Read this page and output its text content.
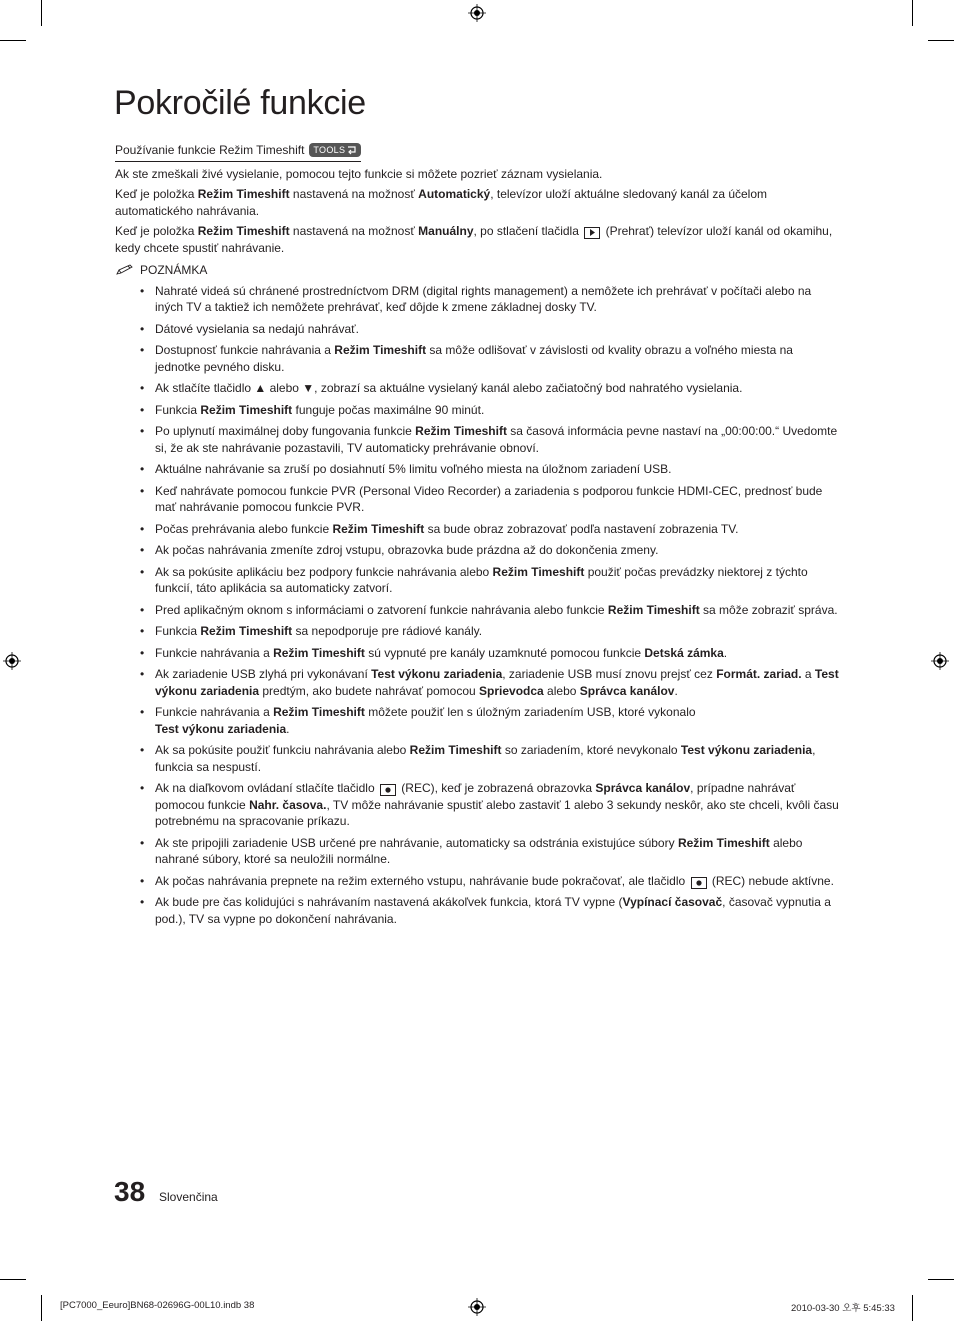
Pokročilé funkcie
Používanie funkcie Režim Timeshift TOOLS

Ak ste zmeškali živé vysielanie, pomocou tejto funkcie si môžete pozrieť záznam vysielania.

Keď je položka Režim Timeshift nastavená na možnosť Automatický, televízor uloží aktuálne sledovaný kanál za účelom automatického nahrávania.

Keď je položka Režim Timeshift nastavená na možnosť Manuálny, po stlačení tlačidla
(Prehrať) televízor uloží kanál od okamihu, kedy chcete spustiť nahrávanie.

POZNÁMKA
• Nahraté videá sú chránené prostredníctvom DRM (digital rights management) a nemôžete ich prehrávať v počítači alebo na iných TV a taktiež ich nemôžete prehrávať, keď dôjde k zmene základnej dosky TV.
• Dátové vysielania sa nedajú nahrávať.
• Dostupnosť funkcie nahrávania a Režim Timeshift sa môže odlišovať v závislosti od kvality obrazu a voľného miesta na jednotke pevného disku.
• Ak stlačíte tlačidlo ▲ alebo ▼, zobrazí sa aktuálne vysielaný kanál alebo začiatočný bod nahratého vysielania.
• Funkcia Režim Timeshift funguje počas maximálne 90 minút.
• Po uplynutí maximálnej doby fungovania funkcie Režim Timeshift sa časová informácia pevne nastaví na „00:00:00.“ Uvedomte si, že ak ste nahrávanie pozastavili, TV automaticky prehrávanie obnoví.
• Aktuálne nahrávanie sa zruší po dosiahnutí 5% limitu voľného miesta na úložnom zariadení USB.
• Keď nahrávate pomocou funkcie PVR (Personal Video Recorder) a zariadenia s podporou funkcie HDMI-CEC, prednosť bude mať nahrávanie pomocou funkcie PVR.
• Počas prehrávania alebo funkcie Režim Timeshift sa bude obraz zobrazovať podľa nastavení zobrazenia TV.
• Ak počas nahrávania zmeníte zdroj vstupu, obrazovka bude prázdna až do dokončenia zmeny.
• Ak sa pokúsite aplikáciu bez podpory funkcie nahrávania alebo Režim Timeshift použiť počas prevádzky niektorej z týchto funkcií, táto aplikácia sa automaticky zatvorí.
• Pred aplikačným oknom s informáciami o zatvorení funkcie nahrávania alebo funkcie Režim Timeshift sa môže zobraziť správa.
• Funkcia Režim Timeshift sa nepodporuje pre rádiové kanály.
• Funkcie nahrávania a Režim Timeshift sú vypnuté pre kanály uzamknuté pomocou funkcie Detská zámka.
• Ak zariadenie USB zlyhá pri vykonávaní Test výkonu zariadenia, zariadenie USB musí znovu prejsť cez Formát. zariad. a Test výkonu zariadenia predtým, ako budete nahrávať pomocou Sprievodca alebo Správca kanálov.
• Funkcie nahrávania a Režim Timeshift môžete použiť len s úložným zariadením USB, ktoré vykonalo
Test výkonu zariadenia.
• Ak sa pokúsite použiť funkciu nahrávania alebo Režim Timeshift so zariadením, ktoré nevykonalo Test výkonu zariadenia, funkcia sa nespustí.
• Ak na diaľkovom ovládaní stlačíte tlačidlo
(REC), keď je zobrazená obrazovka Správca kanálov, prípadne nahrávať pomocou funkcie Nahr. časova., TV môže nahrávanie spustiť alebo zastaviť 1 alebo 3 sekundy neskôr, ako ste chceli, kvôli času potrebnému na spracovanie príkazu.
• Ak ste pripojili zariadenie USB určené pre nahrávanie, automaticky sa odstránia existujúce súbory Režim Timeshift alebo nahrané súbory, ktoré sa neuložili normálne.
• Ak počas nahrávania prepnete na režim externého vstupu, nahrávanie bude pokračovať, ale tlačidlo
(REC) nebude aktívne.
• Ak bude pre čas kolidujúci s nahrávaním nastavená akákoľvek funkcia, ktorá TV vypne (Vypínací časovač, časovač vypnutia a pod.), TV sa vypne po dokončení nahrávania.
38 Slovenčina
[PC7000_Eeuro]BN68-02696G-00L10.indb 38	2010-03-30 오후 5:45:33
